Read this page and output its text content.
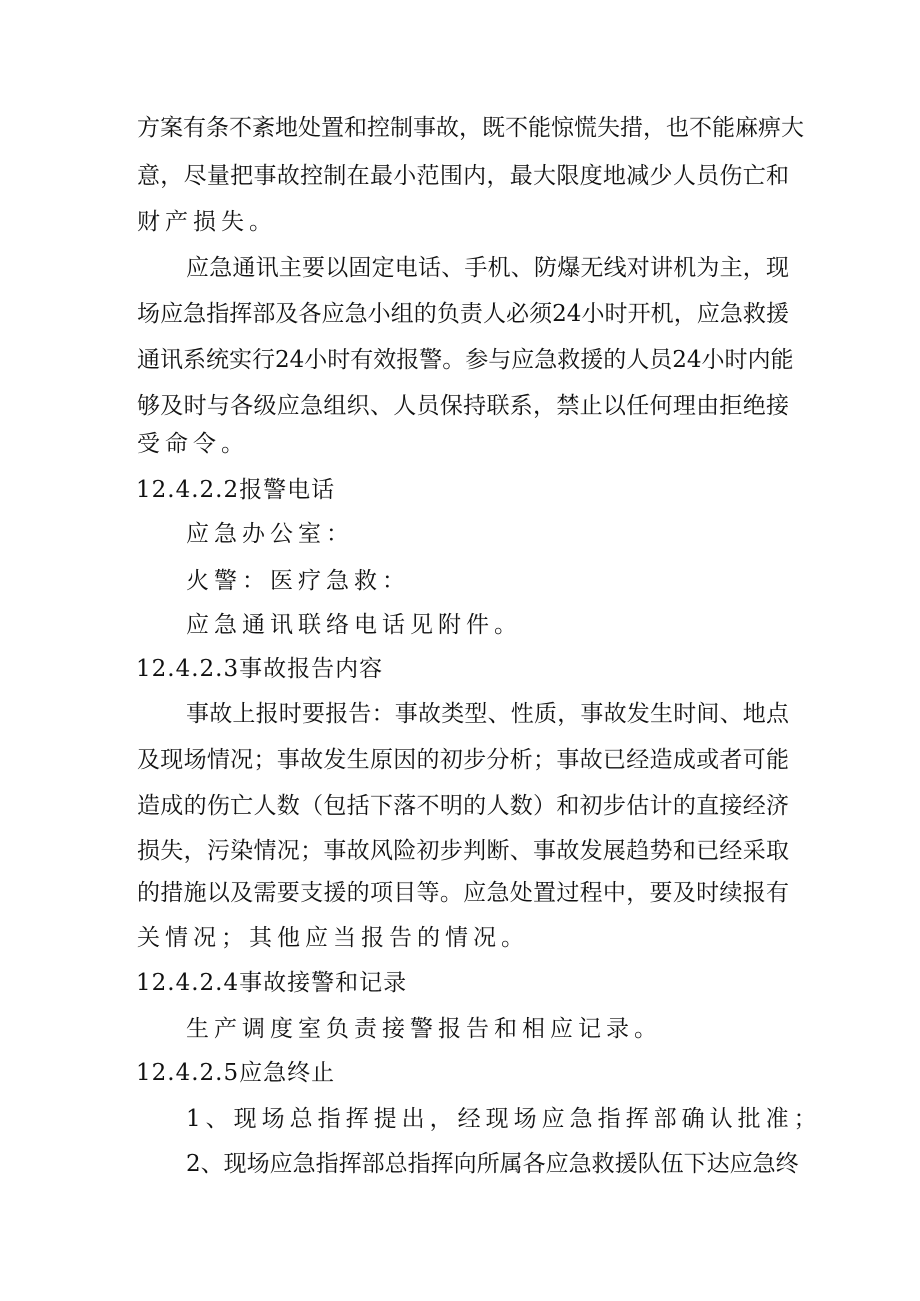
方案有条不紊地处置和控制事故，既不能惊慌失措，也不能麻痹大
意，尽量把事故控制在最小范围内，最大限度地减少人员伤亡和
财产损失。
应急通讯主要以固定电话、手机、防爆无线对讲机为主，现
场应急指挥部及各应急小组的负责人必须24小时开机，应急救援
通讯系统实行24小时有效报警。参与应急救援的人员24小时内能
够及时与各级应急组织、人员保持联系，禁止以任何理由拒绝接
受命令。
12.4.2.2报警电话
应急办公室：
火警：医疗急救：
应急通讯联络电话见附件。
12.4.2.3事故报告内容
事故上报时要报告：事故类型、性质，事故发生时间、地点
及现场情况；事故发生原因的初步分析；事故已经造成或者可能
造成的伤亡人数（包括下落不明的人数）和初步估计的直接经济
损失，污染情况；事故风险初步判断、事故发展趋势和已经采取
的措施以及需要支援的项目等。应急处置过程中，要及时续报有
关情况；其他应当报告的情况。
12.4.2.4事故接警和记录
生产调度室负责接警报告和相应记录。
12.4.2.5应急终止
1、现场总指挥提出，经现场应急指挥部确认批准；
2、现场应急指挥部总指挥向所属各应急救援队伍下达应急终
